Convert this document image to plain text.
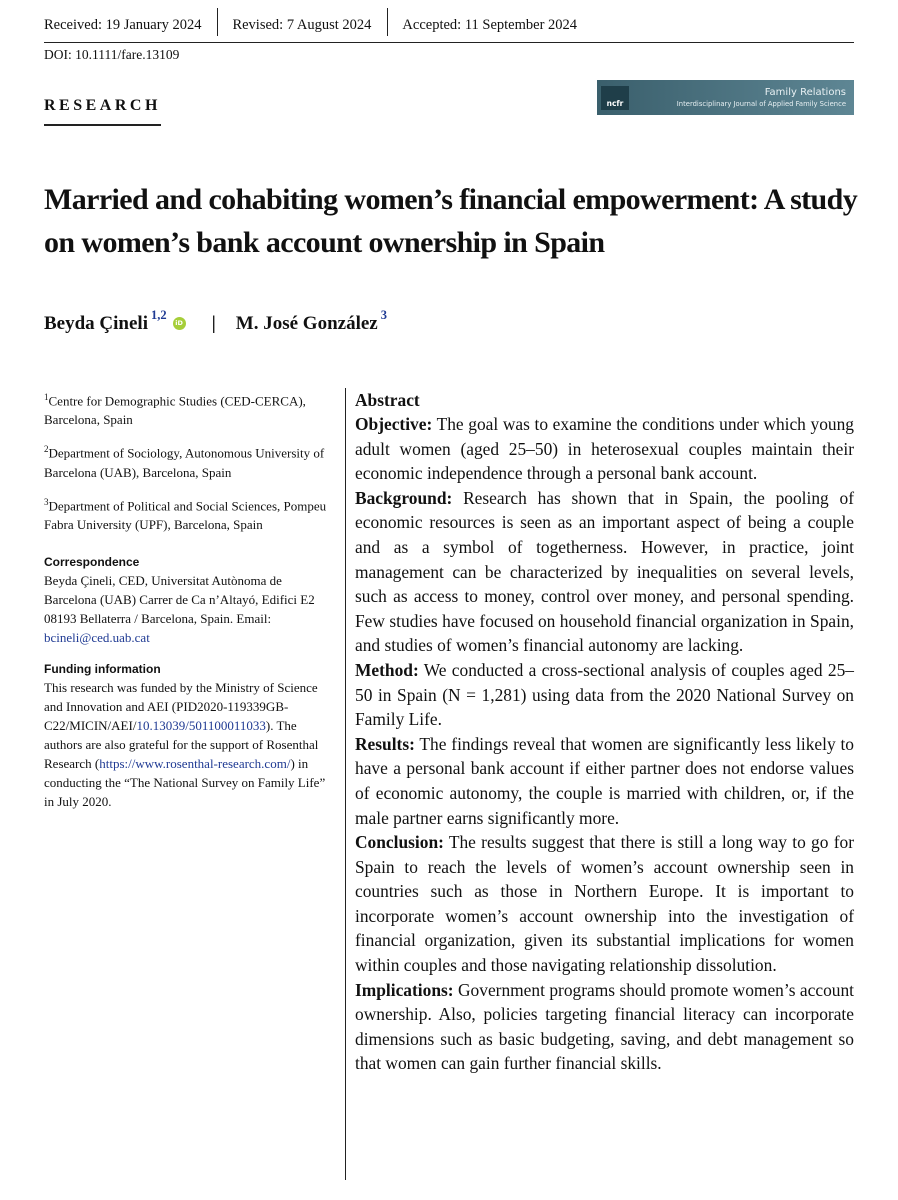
Received: 19 January 2024	Revised: 7 August 2024	Accepted: 11 September 2024
DOI: 10.1111/fare.13109
RESEARCH	ncfr
Family Relations
Interdisciplinary Journal of Applied Family Science
Married and cohabiting women’s financial empowerment: A study on women’s bank account ownership in Spain
Beyda Çineli$^{1,2}$
iD | M. José González$^3$

$^1$Centre for Demographic Studies (CED-CERCA), Barcelona, Spain

$^2$Department of Sociology, Autonomous University of Barcelona (UAB), Barcelona, Spain

$^3$Department of Political and Social Sciences, Pompeu Fabra University (UPF), Barcelona, Spain

Correspondence
Beyda Çineli, CED, Universitat Autònoma de Barcelona (UAB) Carrer de Ca n’Altayó, Edifici E2 08193 Bellaterra / Barcelona, Spain. Email: bcineli@ced.uab.cat
Funding information
This research was funded by the Ministry of Science and Innovation and AEI (PID2020-119339GB-C22/MICIN/AEI/10.13039/501100011033). The authors are also grateful for the support of Rosenthal Research (https://www.rosenthal-research.com/) in conducting the “The National Survey on Family Life” in July 2020.
Abstract

Objective: The goal was to examine the conditions under which young adult women (aged 25–50) in heterosexual couples maintain their economic independence through a personal bank account.

Background: Research has shown that in Spain, the pooling of economic resources is seen as an important aspect of being a couple and as a symbol of togetherness. However, in practice, joint management can be characterized by inequalities on several levels, such as access to money, control over money, and personal spending. Few studies have focused on household financial organization in Spain, and studies of women’s financial autonomy are lacking.

Method: We conducted a cross-sectional analysis of couples aged 25–50 in Spain (N = 1,281) using data from the 2020 National Survey on Family Life.

Results: The findings reveal that women are significantly less likely to have a personal bank account if either partner does not endorse values of economic autonomy, the couple is married with children, or, if the male partner earns significantly more.

Conclusion: The results suggest that there is still a long way to go for Spain to reach the levels of women’s account ownership seen in countries such as those in Northern Europe. It is important to incorporate women’s account ownership into the investigation of financial organization, given its substantial implications for women within couples and those navigating relationship dissolution.

Implications: Government programs should promote women’s account ownership. Also, policies targeting financial literacy can incorporate dimensions such as basic budgeting, saving, and debt management so that women can gain further financial skills.
